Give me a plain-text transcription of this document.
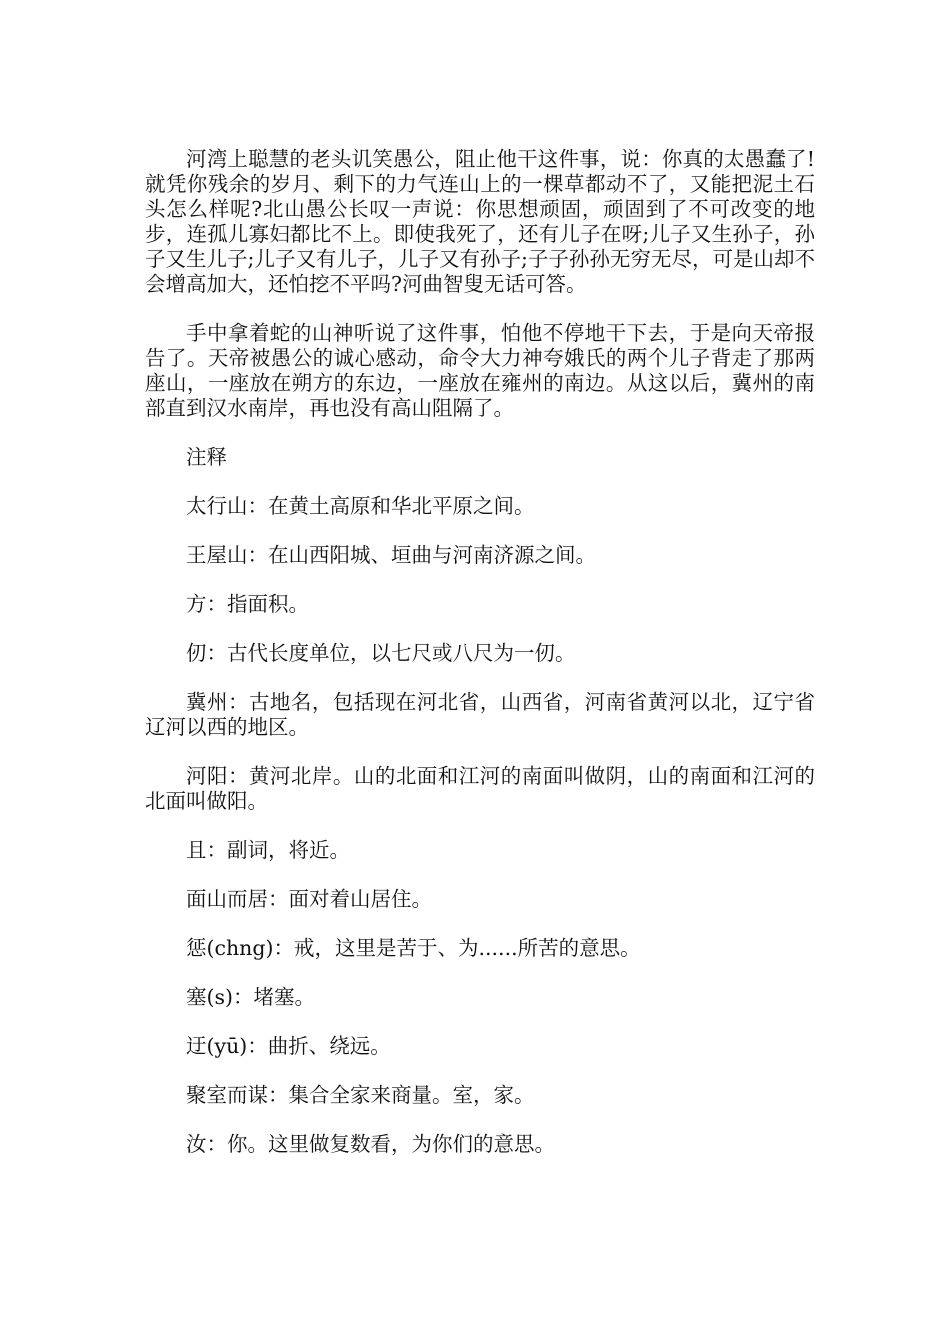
河湾上聪慧的老头讥笑愚公，阻止他干这件事，说：你真的太愚蠢了!就凭你残余的岁月、剩下的力气连山上的一棵草都动不了，又能把泥土石头怎么样呢?北山愚公长叹一声说：你思想顽固，顽固到了不可改变的地步，连孤儿寡妇都比不上。即使我死了，还有儿子在呀;儿子又生孙子，孙子又生儿子;儿子又有儿子，儿子又有孙子;子子孙孙无穷无尽，可是山却不会增高加大，还怕挖不平吗?河曲智叟无话可答。

手中拿着蛇的山神听说了这件事，怕他不停地干下去，于是向天帝报告了。天帝被愚公的诚心感动，命令大力神夸娥氏的两个儿子背走了那两座山，一座放在朔方的东边，一座放在雍州的南边。从这以后，冀州的南部直到汉水南岸，再也没有高山阻隔了。

注释

太行山：在黄土高原和华北平原之间。

王屋山：在山西阳城、垣曲与河南济源之间。

方：指面积。

仞：古代长度单位，以七尺或八尺为一仞。

冀州：古地名，包括现在河北省，山西省，河南省黄河以北，辽宁省辽河以西的地区。

河阳：黄河北岸。山的北面和江河的南面叫做阴，山的南面和江河的北面叫做阳。

且：副词，将近。

面山而居：面对着山居住。

惩(chng)：戒，这里是苦于、为......所苦的意思。

塞(s)：堵塞。

迂(yū)：曲折、绕远。

聚室而谋：集合全家来商量。室，家。

汝：你。这里做复数看，为你们的意思。
